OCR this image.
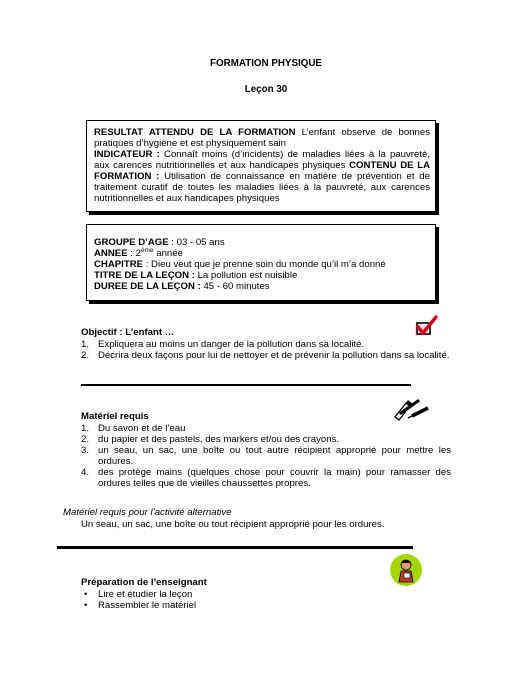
FORMATION PHYSIQUE
Leçon 30

RESULTAT ATTENDU DE LA FORMATION L’enfant observe de bonnes pratiques d’hygiène et est physiquement sain
INDICATEUR : Connaît moins (d’incidents) de maladies liées à la pauvreté, aux carences nutritionnelles et aux handicapes physiques CONTENU DE LA FORMATION : Utilisation de connaissance en matière de prévention et de traitement curatif de toutes les maladies liées à la pauvreté, aux carences nutritionnelles et aux handicapes physiques

GROUPE D’AGE : 03 - 05 ans

ANNEE : 2ème année

CHAPITRE : Dieu veut que je prenne soin du monde qu’il m’a donné

TITRE DE LA LEÇON : La pollution est nuisible

DUREE DE LA LEÇON : 45 - 60 minutes

Objectif : L’enfant …
1. Expliquera au moins un danger de la pollution dans sa localité.
2. Décrira deux façons pour lui de nettoyer et de prévenir la pollution dans sa localité.
Matériel requis
1. Du savon et de l’eau
2. du papier et des pastels, des markers et/ou des crayons.
3. un seau, un sac, une boîte ou tout autre récipient approprié pour mettre les ordures.
4. des protège mains (quelques chose pour couvrir la main) pour ramasser des ordures telles que de vieilles chaussettes propres.
Matériel requis pour l’activité alternative
Un seau, un sac, une boîte ou tout récipient approprié pour les ordures.
Préparation de l’enseignant
• Lire et étudier la leçon
• Rassembler le matériel
